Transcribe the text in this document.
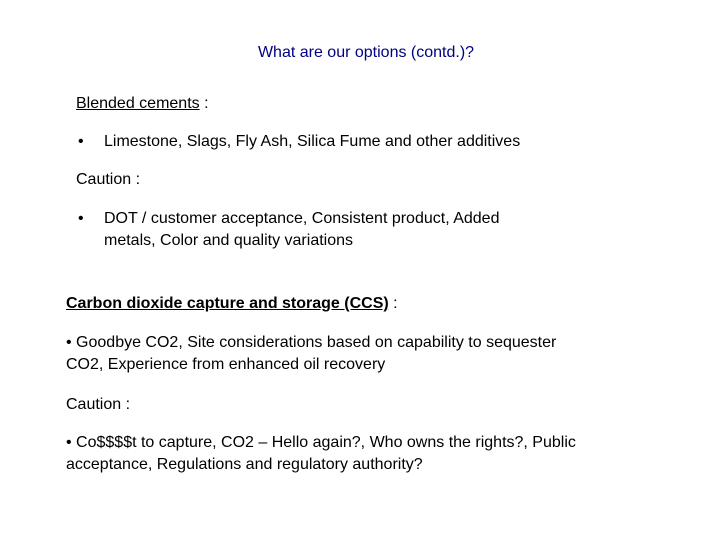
What are our options (contd.)?
Blended cements :
• Limestone, Slags, Fly Ash, Silica Fume and other additives
Caution :
• DOT / customer acceptance, Consistent product, Added
metals, Color and quality variations
Carbon dioxide capture and storage (CCS) :
• Goodbye CO2, Site considerations based on capability to sequester
CO2, Experience from enhanced oil recovery
Caution :
• Co$$$$t to capture, CO2 – Hello again?, Who owns the rights?, Public
acceptance, Regulations and regulatory authority?
